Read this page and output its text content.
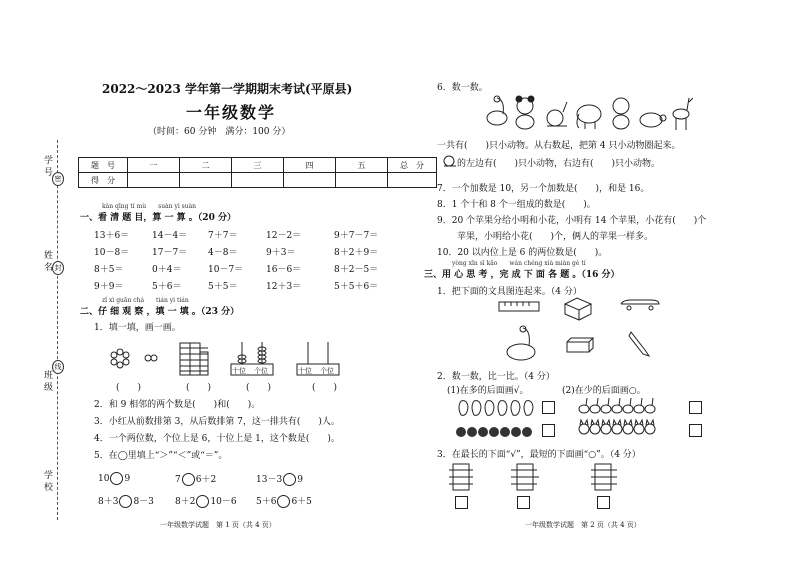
学 号
姓 名
班 级
学 校
密
封
线
2022～2023 学年第一学期期末考试(平原县)
一年级数学
（时间：60 分钟　满分：100 分）
题　号	一	二	三	四	五	总　分
得　分						
kàn qīng tí mù　　suàn yi suàn
一、看 清 题 目，算 一 算 。（20 分）
13＋6＝	14－4＝ 7＋7＝	12－2＝	9＋7－7＝
10－8＝	17－7＝ 4－8＝	9＋3＝	8＋2＋9＝
8＋5＝	0＋4＝	10－7＝	16－6＝	8＋2－5＝
9＋9＝	5＋6＝	5＋5＝	12＋3＝	5＋5＋6＝
zǐ xì guān chá　　tián yi tián
二、仔 细 观 察 ，填 一 填 。（23 分）
1．填一填，画一画。
十位 个位	十位 个位
(　　)	(　　)	(　　)	(　　)
2．和 9 相邻的两个数是(　　)和(　　)。
3．小红从前数排第 3，从后数排第 7，这一排共有(　　)人。
4．一个两位数，个位上是 6，十位上是 1，这个数是(　　)。
5．在◯里填上“＞”“＜”或“＝”。
10 9	7 6＋2	13－3 9
8＋3 8－3 8＋2 10－6 5＋6 6＋5
一年级数学试题　第 1 页（共 4 页）
6．数一数。
一共有(　　)只小动物。从右数起，把第 4 只小动物圈起来。
的左边有(　　)只小动物，右边有(　　)只小动物。
7．一个加数是 10，另一个加数是(　　)，和是 16。
8．1 个十和 8 个一组成的数是(　　)。
9．20 个苹果分给小明和小花，小明有 14 个苹果，小花有(　　)个
苹果，小明给小花(　　)个，俩人的苹果一样多。
10．20 以内位上是 6 的两位数是(　　)。
yòng xīn sī kǎo　　wán chéng xià miàn gè tí
三、用 心 思 考 ，完 成 下 面 各 题 。（16 分）
1．把下面的文具图连起来。（4 分）
2．数一数，比一比。（4 分）
(1)在多的后面画√。	(2)在少的后面画○。
3．在最长的下面“√”，最短的下面画“○”。（4 分）
一年级数学试题　第 2 页（共 4 页）
